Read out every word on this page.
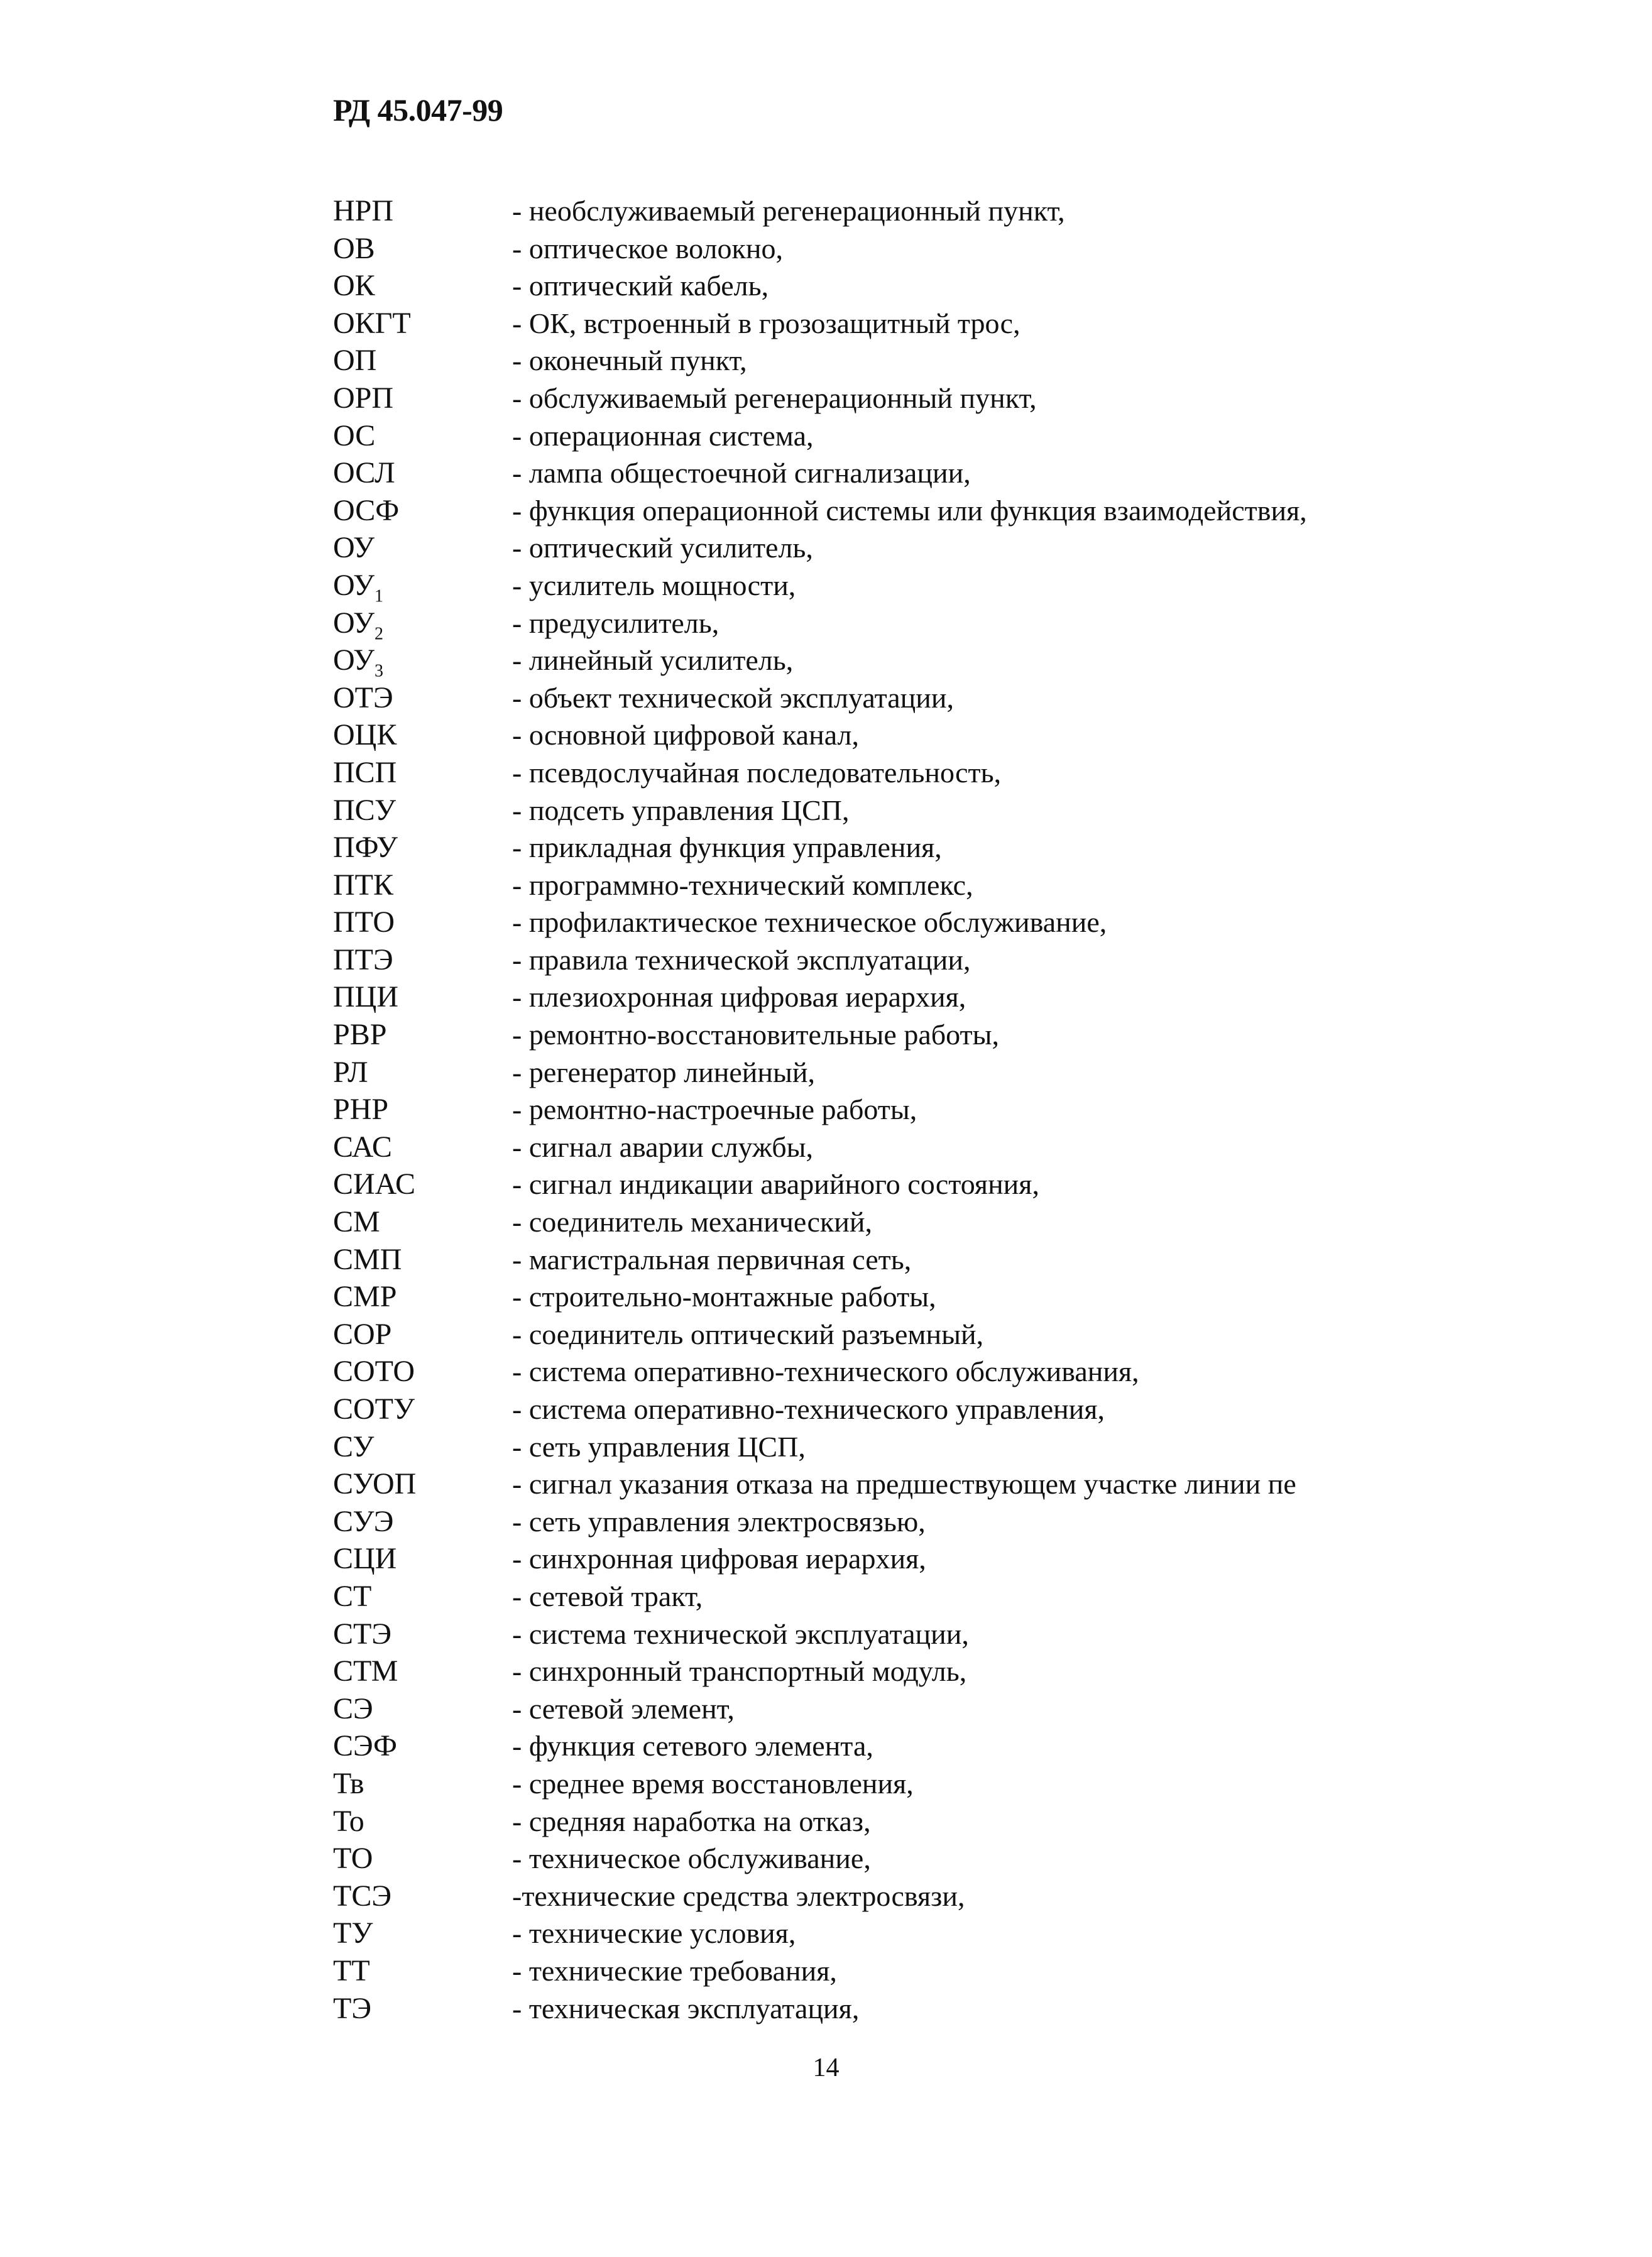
РД 45.047-99
НРП	- необслуживаемый регенерационный пункт,
ОВ	- оптическое волокно,
ОК	- оптический кабель,
ОКГТ	- ОК, встроенный в грозозащитный трос,
ОП	- оконечный пункт,
ОРП	- обслуживаемый регенерационный пункт,
ОС	- операционная система,
ОСЛ	- лампа общестоечной сигнализации,
ОСФ	- функция операционной системы или функция взаимодействия,
ОУ	- оптический усилитель,
$ОУ_1$	- усилитель мощности,
$ОУ_2$	- предусилитель,
$ОУ_3$	- линейный усилитель,
ОТЭ	- объект технической эксплуатации,
ОЦК	- основной цифровой канал,
ПСП	- псевдослучайная последовательность,
ПСУ	- подсеть управления ЦСП,
ПФУ	- прикладная функция управления,
ПТК	- программно-технический комплекс,
ПТО	- профилактическое техническое обслуживание,
ПТЭ	- правила технической эксплуатации,
ПЦИ	- плезиохронная цифровая иерархия,
РВР	- ремонтно-восстановительные работы,
РЛ	- регенератор линейный,
РНР	- ремонтно-настроечные работы,
САС	- сигнал аварии службы,
СИАС	- сигнал индикации аварийного состояния,
СМ	- соединитель механический,
СМП	- магистральная первичная сеть,
СМР	- строительно-монтажные работы,
СОР	- соединитель оптический разъемный,
СОТО	- система оперативно-технического обслуживания,
СОТУ	- система оперативно-технического управления,
СУ	- сеть управления ЦСП,
СУОП	- сигнал указания отказа на предшествующем участке линии пе
СУЭ	- сеть управления электросвязью,
СЦИ	- синхронная цифровая иерархия,
СТ	- сетевой тракт,
СТЭ	- система технической эксплуатации,
СТМ	- синхронный транспортный модуль,
СЭ	- сетевой элемент,
СЭФ	- функция сетевого элемента,
Тв	- среднее время восстановления,
То	- средняя наработка на отказ,
ТО	- техническое обслуживание,
ТСЭ	-технические средства электросвязи,
ТУ	- технические условия,
ТТ	- технические требования,
ТЭ	- техническая эксплуатация,
14
